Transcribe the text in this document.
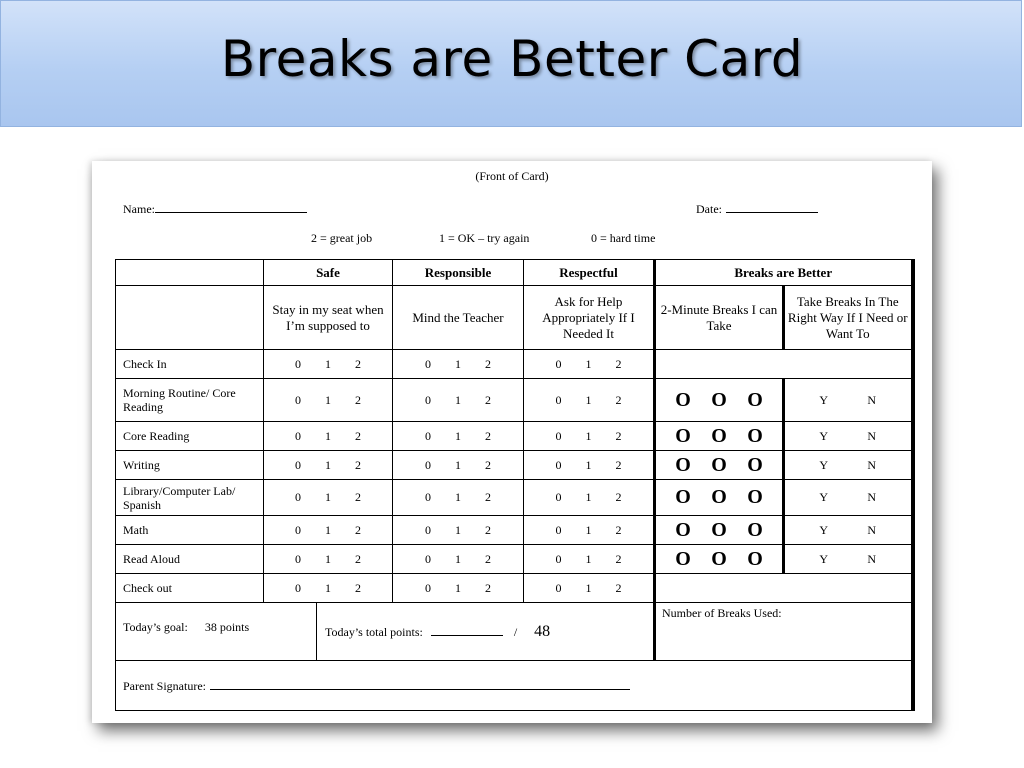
Breaks are Better Card
(Front of Card)
Name:	Date:
2 = great job	1 = OK – try again	0 = hard time
	Safe		Responsible	Respectful	Breaks are Better	
	Stay in my seat when I’m supposed to		Mind the Teacher	Ask for Help Appropriately If I Needed It	2-Minute Breaks I can Take	Take Breaks In The Right Way If I Need or Want To
Check In	0 1 2		0 1 2	0 1 2		

Morning Routine/ Core Reading	0 1 2		0 1 2	0 1 2	O O O	Y N

Core Reading	0 1 2		0 1 2	0 1 2	O O O	Y N

Writing	0 1 2		0 1 2	0 1 2	O O O	Y N

Library/Computer Lab/ Spanish	0 1 2		0 1 2	0 1 2	O O O	Y N

Math	0 1 2		0 1 2	0 1 2	O O O	Y N

Read Aloud	0 1 2		0 1 2	0 1 2	O O O	Y N

Check out	0 1 2		0 1 2	0 1 2		

Today’s goal: 38 points		Today’s total points: / 48			Number of Breaks Used:	
Parent Signature:						
